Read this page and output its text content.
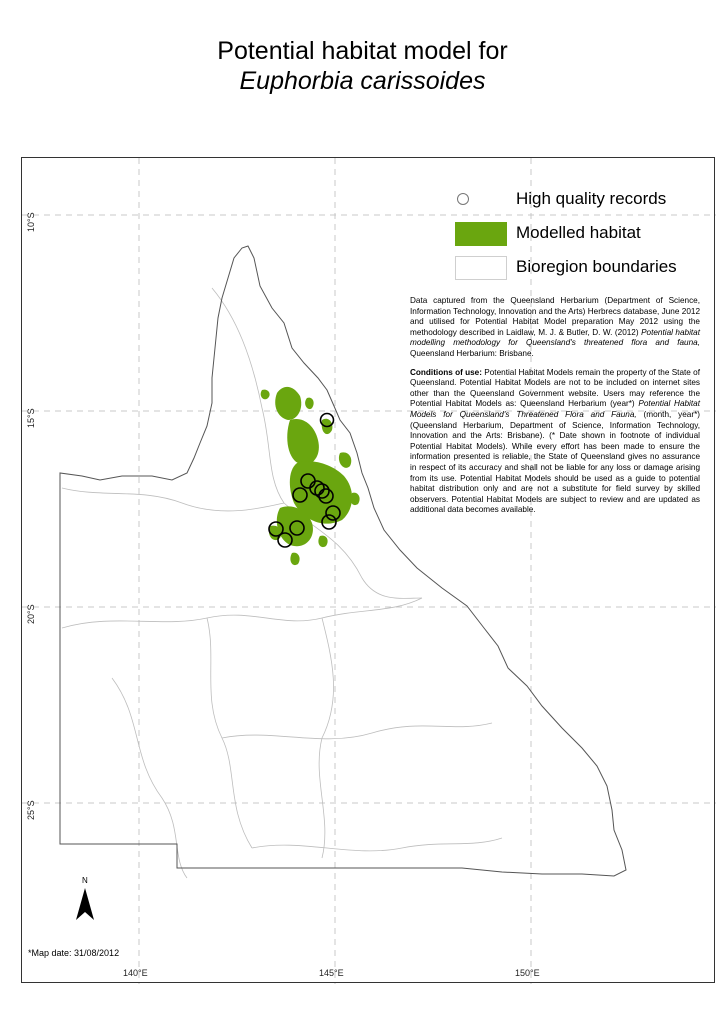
Potential habitat model for
Euphorbia carissoides
High quality records
Modelled habitat
Bioregion boundaries

Data captured from the Queensland Herbarium (Department of Science, Information Technology, Innovation and the Arts) Herbrecs database, June 2012 and utilised for Potential Habitat Model preparation May 2012 using the methodology described in Laidlaw, M. J. & Butler, D. W. (2012) Potential habitat modelling methodology for Queensland's threatened flora and fauna, Queensland Herbarium: Brisbane.

Conditions of use: Potential Habitat Models remain the property of the State of Queensland. Potential Habitat Models are not to be included on internet sites other than the Queensland Government website. Users may reference the Potential Habitat Models as: Queensland Herbarium (year*) Potential Habitat Models for Queensland's Threatened Flora and Fauna, (month, year*) (Queensland Herbarium, Department of Science, Information Technology, Innovation and the Arts: Brisbane). (* Date shown in footnote of individual Potential Habitat Models). While every effort has been made to ensure the information presented is reliable, the State of Queensland gives no assurance in respect of its accuracy and shall not be liable for any loss or damage arising from its use. Potential Habitat Models should be used as a guide to potential habitat distribution only and are not a substitute for field survey by skilled observers. Potential Habitat Models are subject to review and are updated as additional data becomes available.

10°S
15°S
20°S
25°S
140°E	145°E	150°E
N
*Map date: 31/08/2012
